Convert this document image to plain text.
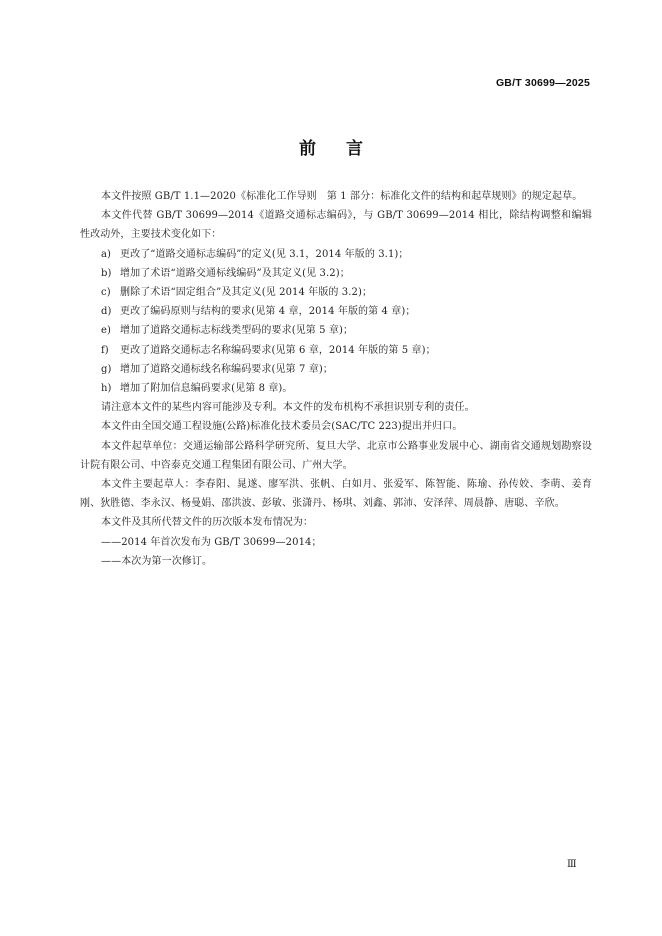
GB/T 30699—2025
前言

本文件按照 GB/T 1.1—2020《标准化工作导则　第 1 部分：标准化文件的结构和起草规则》的规定起草。

本文件代替 GB/T 30699—2014《道路交通标志编码》，与 GB/T 30699—2014 相比，除结构调整和编辑性改动外，主要技术变化如下：

a) 更改了“道路交通标志编码”的定义(见 3.1，2014 年版的 3.1)；

b) 增加了术语“道路交通标线编码”及其定义(见 3.2)；

c) 删除了术语“固定组合”及其定义(见 2014 年版的 3.2)；

d) 更改了编码原则与结构的要求(见第 4 章，2014 年版的第 4 章)；

e) 增加了道路交通标志标线类型码的要求(见第 5 章)；

f) 更改了道路交通标志名称编码要求(见第 6 章，2014 年版的第 5 章)；

g) 增加了道路交通标线名称编码要求(见第 7 章)；

h) 增加了附加信息编码要求(见第 8 章)。

请注意本文件的某些内容可能涉及专利。本文件的发布机构不承担识别专利的责任。

本文件由全国交通工程设施(公路)标准化技术委员会(SAC/TC 223)提出并归口。

本文件起草单位：交通运输部公路科学研究所、复旦大学、北京市公路事业发展中心、湖南省交通规划勘察设计院有限公司、中咨泰克交通工程集团有限公司、广州大学。

本文件主要起草人：李春阳、晁遂、廖军洪、张帆、白如月、张爱军、陈智能、陈瑜、孙传姣、李萌、姜育刚、狄胜德、李永汉、杨曼娟、邵洪波、彭敏、张潇丹、杨琪、刘鑫、郭沛、安泽萍、周晨静、唐聪、辛欣。

本文件及其所代替文件的历次版本发布情况为：

——2014 年首次发布为 GB/T 30699—2014；

——本次为第一次修订。

Ⅲ
